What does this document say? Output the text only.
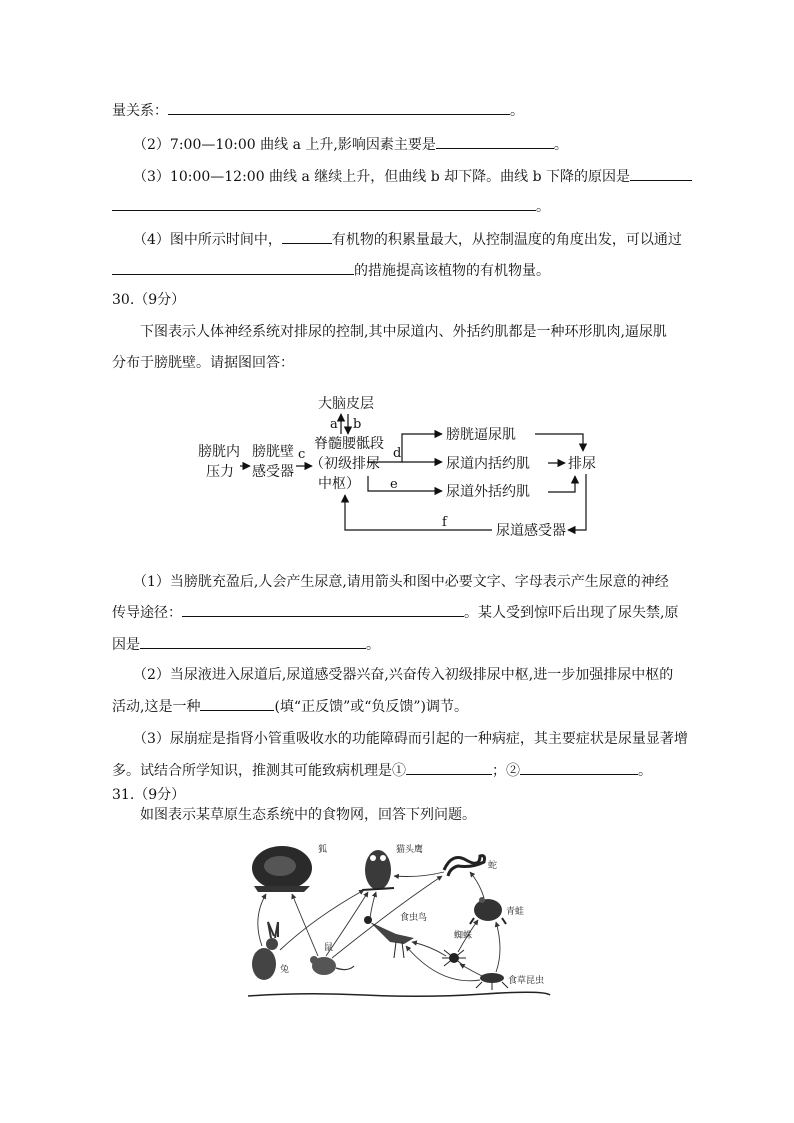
量关系：	。
（2）7:00—10:00 曲线 a 上升,影响因素主要是	。
（3）10:00—12:00 曲线 a 继续上升，但曲线 b 却下降。曲线 b 下降的原因是
。
（4）图中所示时间中，	有机物的积累量最大，从控制温度的角度出发，可以通过
的措施提高该植物的有机物量。
30.（9分）
下图表示人体神经系统对排尿的控制,其中尿道内、外括约肌都是一种环形肌肉,逼尿肌
分布于膀胱壁。请据图回答：
大脑皮层
膀胱内
压力
膀胱壁
感受器
脊髓腰骶段
（初级排尿
中枢）
膀胱逼尿肌
尿道内括约肌
尿道外括约肌
排尿
尿道感受器
a b
c	d
e
f
（1）当膀胱充盈后,人会产生尿意,请用箭头和图中必要文字、字母表示产生尿意的神经
传导途径：	。某人受到惊吓后出现了尿失禁,原
因是	。
（2）当尿液进入尿道后,尿道感受器兴奋,兴奋传入初级排尿中枢,进一步加强排尿中枢的
活动,这是一种	(填“正反馈”或“负反馈”)调节。
（3）尿崩症是指肾小管重吸收水的功能障碍而引起的一种病症，其主要症状是尿量显著增
多。试结合所学知识，推测其可能致病机理是①	；②	。
31.（9分）
如图表示某草原生态系统中的食物网，回答下列问题。
狐	猫头鹰
蛇
青蛙
食虫鸟
蜘蛛
兔
鼠
食草昆虫
